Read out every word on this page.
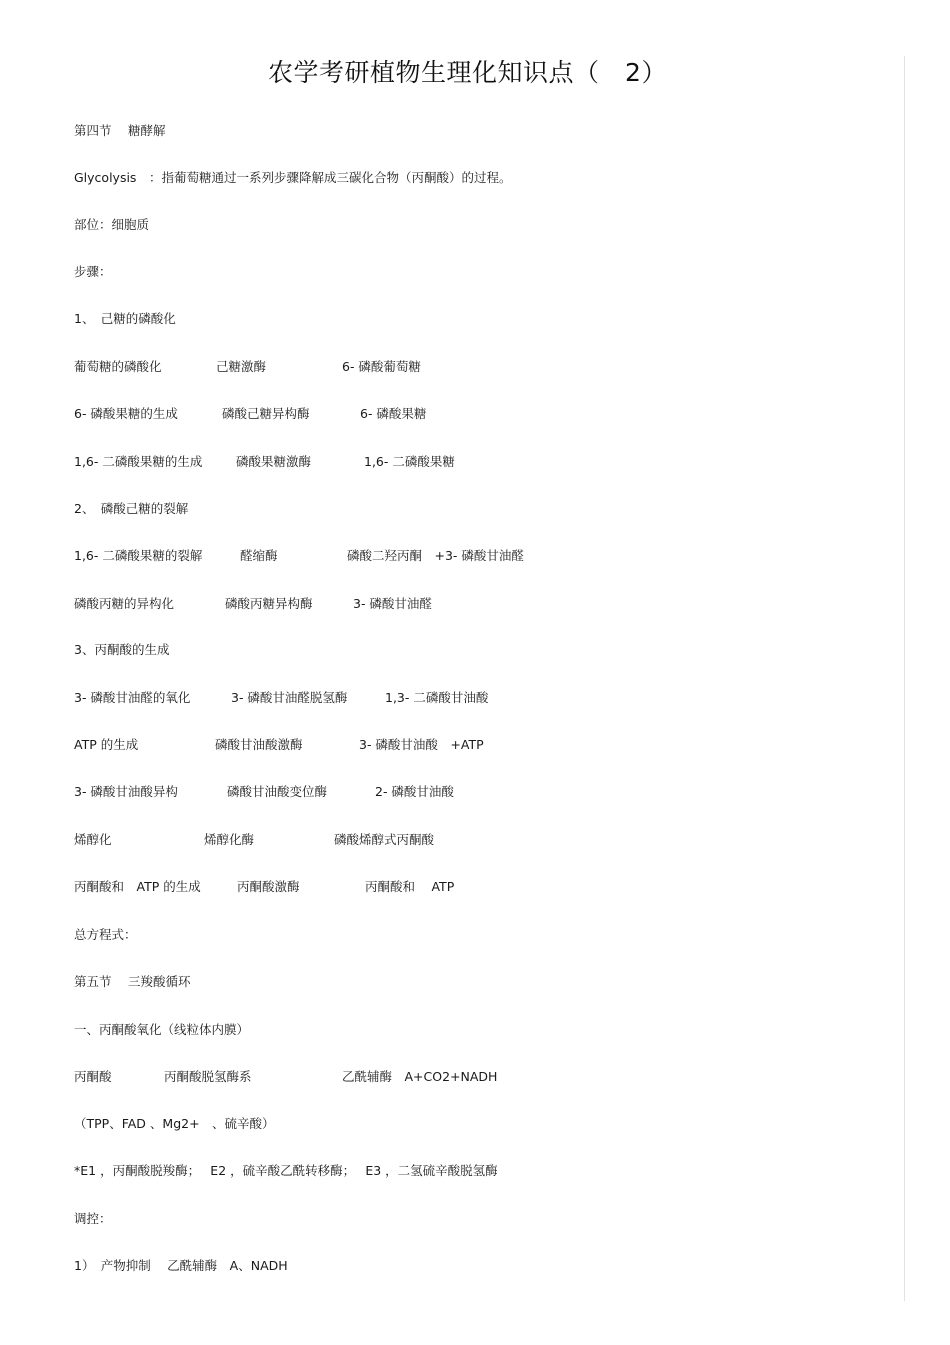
农学考研植物生理化知识点（　2）
第四节　 糖酵解
Glycolysis　：指葡萄糖通过一系列步骤降解成三碳化合物（丙酮酸）的过程。
部位：细胞质
步骤：
1、　己糖的磷酸化
葡萄糖的磷酸化	己糖激酶	6- 磷酸葡萄糖
6- 磷酸果糖的生成	磷酸己糖异构酶	6- 磷酸果糖
1,6- 二磷酸果糖的生成	磷酸果糖激酶	1,6- 二磷酸果糖
2、　磷酸己糖的裂解
1,6- 二磷酸果糖的裂解	醛缩酶	磷酸二羟丙酮　+3- 磷酸甘油醛
磷酸丙糖的异构化	磷酸丙糖异构酶	3- 磷酸甘油醛
3、丙酮酸的生成
3- 磷酸甘油醛的氧化	3- 磷酸甘油醛脱氢酶	1,3- 二磷酸甘油酸
ATP 的生成	磷酸甘油酸激酶	3- 磷酸甘油酸　+ATP
3- 磷酸甘油酸异构	磷酸甘油酸变位酶	2- 磷酸甘油酸
烯醇化	烯醇化酶	磷酸烯醇式丙酮酸
丙酮酸和　ATP 的生成	丙酮酸激酶	丙酮酸和　 ATP
总方程式：
第五节　 三羧酸循环
一、丙酮酸氧化（线粒体内膜）
丙酮酸	丙酮酸脱氢酶系	乙酰辅酶　A+CO2+NADH
（TPP、FAD 、Mg2+　、硫辛酸）
*E1 ，丙酮酸脱羧酶；　 E2 ，硫辛酸乙酰转移酶；　 E3 ，二氢硫辛酸脱氢酶
调控：
1）　产物抑制　 乙酰辅酶　A、NADH
